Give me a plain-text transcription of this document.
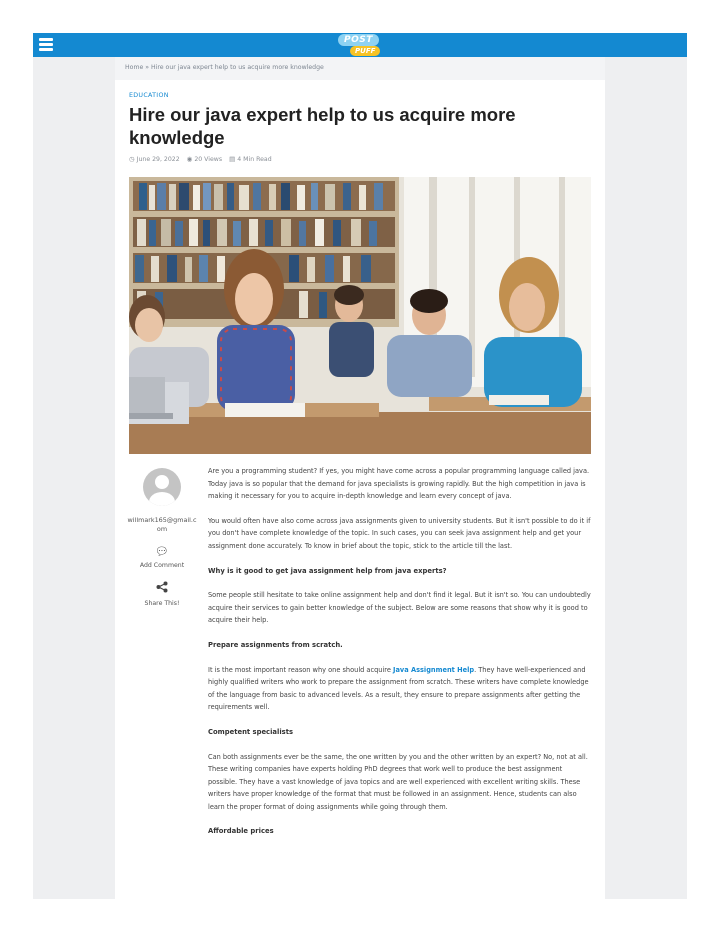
POST
PUFF
Home » Hire our java expert help to us acquire more knowledge
EDUCATION
Hire our java expert help to us acquire more knowledge
◷ June 29, 2022 ◉ 20 Views ▤ 4 Min Read
willmark165@gmail.com
💬︎
Add Comment
Share This!

Are you a programming student? If yes, you might have come across a popular programming language called java. Today java is so popular that the demand for java specialists is growing rapidly. But the high competition in java is making it necessary for you to acquire in-depth knowledge and learn every concept of java.

You would often have also come across java assignments given to university students. But it isn't possible to do it if you don't have complete knowledge of the topic. In such cases, you can seek java assignment help and get your assignment done accurately. To know in brief about the topic, stick to the article till the last.

Why is it good to get java assignment help from java experts?

Some people still hesitate to take online assignment help and don't find it legal. But it isn't so. You can undoubtedly acquire their services to gain better knowledge of the subject. Below are some reasons that show why it is good to acquire their help.

Prepare assignments from scratch.

It is the most important reason why one should acquire Java Assignment Help. They have well-experienced and highly qualified writers who work to prepare the assignment from scratch. These writers have complete knowledge of the language from basic to advanced levels. As a result, they ensure to prepare assignments after getting the requirements well.

Competent specialists

Can both assignments ever be the same, the one written by you and the other written by an expert? No, not at all. These writing companies have experts holding PhD degrees that work well to produce the best assignment possible. They have a vast knowledge of java topics and are well experienced with excellent writing skills. These writers have proper knowledge of the format that must be followed in an assignment. Hence, students can also learn the proper format of doing assignments while going through them.

Affordable prices
